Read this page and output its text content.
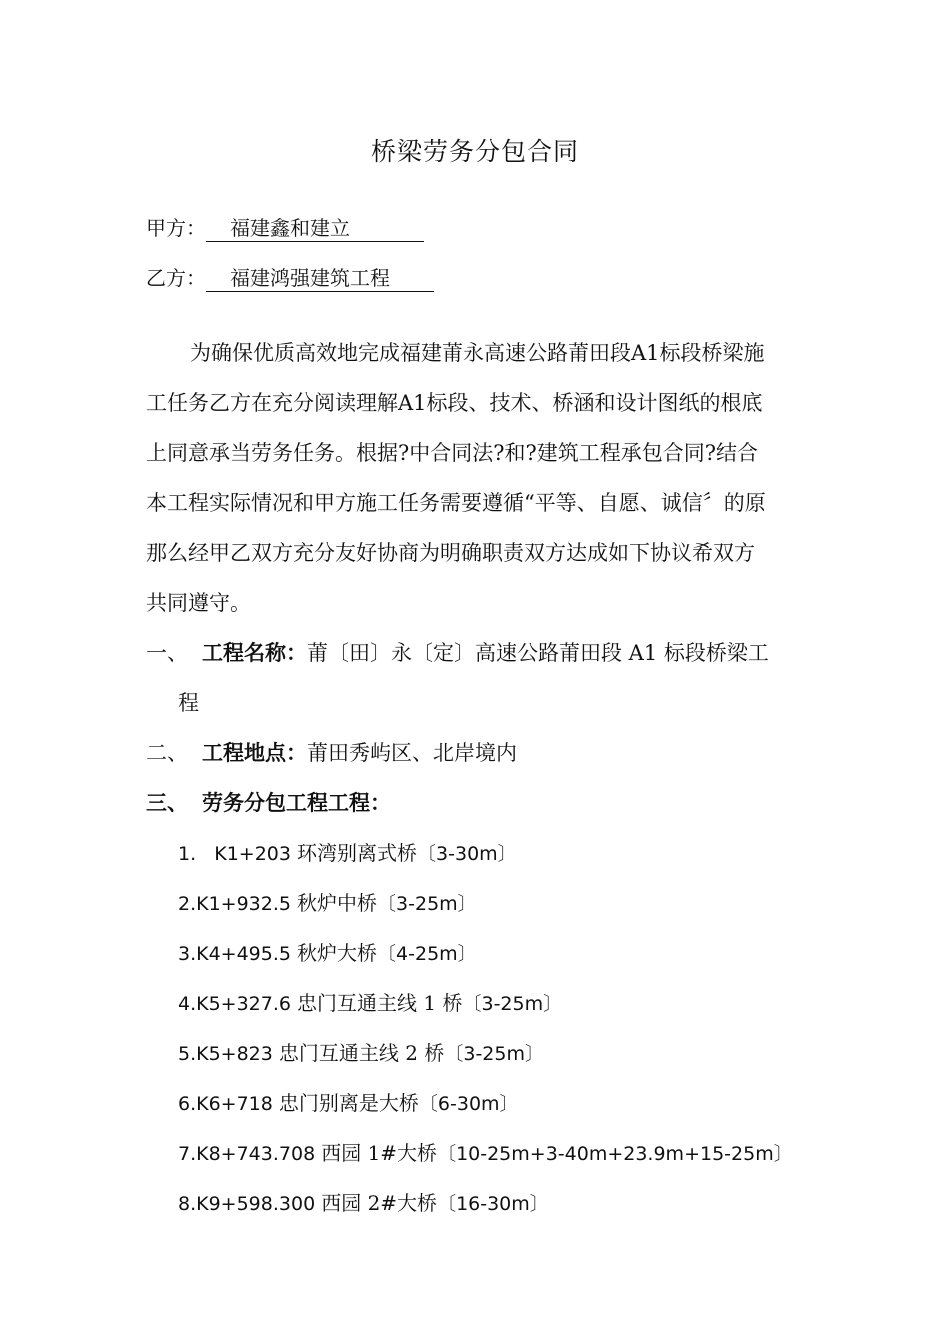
桥梁劳务分包合同
甲方： 福建鑫和建立
乙方： 福建鸿强建筑工程
为确保优质高效地完成福建莆永高速公路莆田段A1标段桥梁施
工任务乙方在充分阅读理解A1标段、技术、桥涵和设计图纸的根底
上同意承当劳务任务。根据?中合同法?和?建筑工程承包合同?结合
本工程实际情况和甲方施工任务需要遵循“平等、自愿、诚信〞的原
那么经甲乙双方充分友好协商为明确职责双方达成如下协议希双方
共同遵守。
一、 工程名称：莆〔田〕永〔定〕高速公路莆田段 A1 标段桥梁工
程
二、 工程地点：莆田秀屿区、北岸境内
三、 劳务分包工程工程：
1.   K1+203 环湾别离式桥〔3-30m〕
2.K1+932.5 秋炉中桥〔3-25m〕
3.K4+495.5 秋炉大桥〔4-25m〕
4.K5+327.6 忠门互通主线 1 桥〔3-25m〕
5.K5+823 忠门互通主线 2 桥〔3-25m〕
6.K6+718 忠门别离是大桥〔6-30m〕
7.K8+743.708 西园 1#大桥〔10-25m+3-40m+23.9m+15-25m〕
8.K9+598.300 西园 2#大桥〔16-30m〕
